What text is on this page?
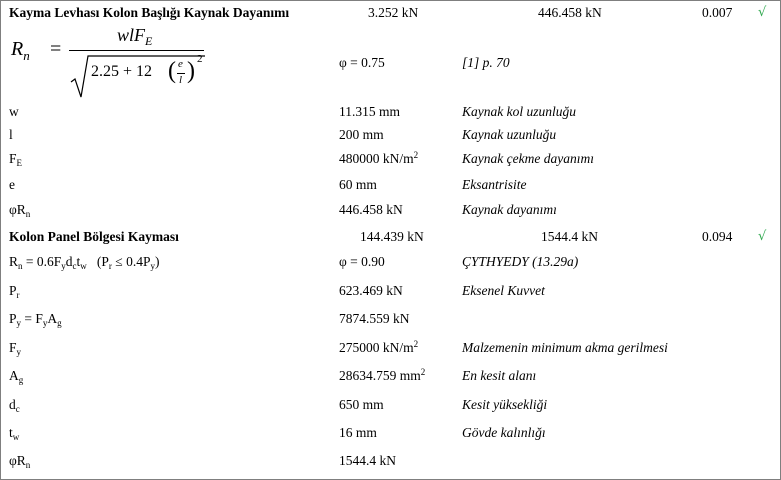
Kayma Levhası Kolon Başlığı Kaynak Dayanımı	3.252 kN	446.458 kN	0.007 √
$R_n$ =
wlF$_E$
2.25 + 12 ( e
l ) 2	φ = 0.75	[1] p. 70
w	11.315 mm	Kaynak kol uzunluğu
l	200 mm	Kaynak uzunluğu
$F_E$	480000 $kN/m^2$	Kaynak çekme dayanımı
e	60 mm	Eksantrisite
$\varphi R_n$	446.458 kN	Kaynak dayanımı
Kolon Panel Bölgesi Kayması	144.439 kN	1544.4 kN	0.094 √
$R_n = 0.6F_yd_ct_w$ $(P_r \le 0.4P_y)$	φ = 0.90	ÇYTHYEDY (13.29a)
$P_r$	623.469 kN	Eksenel Kuvvet
$P_y = F_yA_g$	7874.559 kN
$F_y$	275000 $kN/m^2$	Malzemenin minimum akma gerilmesi
$A_g$	28634.759 $mm^2$	En kesit alanı
$d_c$	650 mm	Kesit yüksekliği
$t_w$	16 mm	Gövde kalınlığı
$\varphi R_n$	1544.4 kN
